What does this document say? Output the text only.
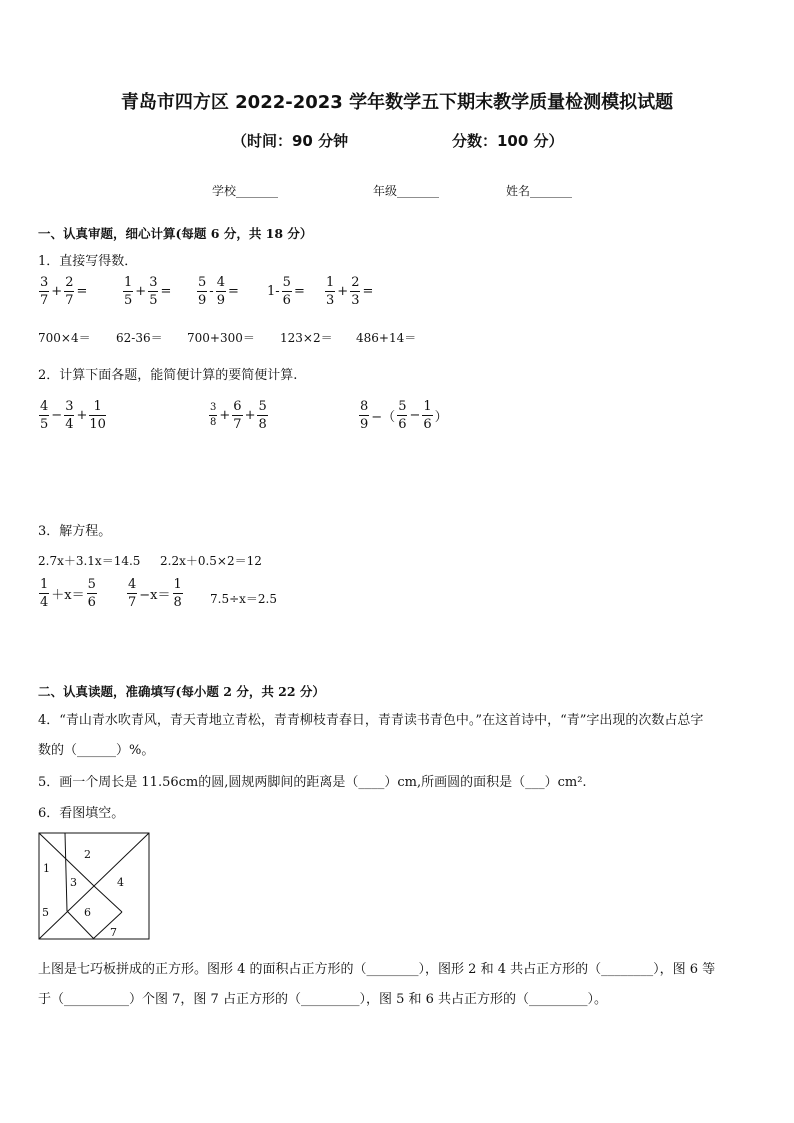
青岛市四方区 2022-2023 学年数学五下期末教学质量检测模拟试题
（时间：90 分钟	分数：100 分）
学校_______	年级_______	姓名_______
一、认真审题，细心计算(每题 6 分，共 18 分）
1．直接写得数．
$\frac{3}{7} + \frac{2}{7}$ =	$\frac{1}{5} + \frac{3}{5} = \frac{5}{9} - \frac{4}{9} = 1- \frac{5}{6} = \frac{1}{3} + \frac{2}{3}$ =
700×4＝ 62-36＝ 700+300＝ 123×2＝ 486+14＝
2．计算下面各题，能简便计算的要简便计算.
$\frac{4}{5} - \frac{3}{4} + \frac{1}{10}$	$\frac{3}{8} + \frac{6}{7} + \frac{5}{8}$	$\frac{8}{9}$ −（ $\frac{5}{6} - \frac{1}{6}$ ）
3．解方程。
2.7x＋3.1x＝14.5 2.2x＋0.5×2＝12
$\frac{1}{4} +x= \frac{5}{6} \frac{4}{7} -x= \frac{1}{8} 7.5\div x=2.5$
二、认真读题，准确填写(每小题 2 分，共 22 分）
4．“青山青水吹青风，青天青地立青松，青青柳枝青春日，青青读书青色中。”在这首诗中，“青”字出现的次数占总字
数的（______）%。
5．画一个周长是 11.56cm的圆,圆规两脚间的距离是（____）cm,所画圆的面积是（___）cm².
6．看图填空。
1
2
3	4
5	6
7
上图是七巧板拼成的正方形。图形 4 的面积占正方形的（________），图形 2 和 4 共占正方形的（________），图 6 等
于（__________）个图 7，图 7 占正方形的（_________），图 5 和 6 共占正方形的（_________）。
